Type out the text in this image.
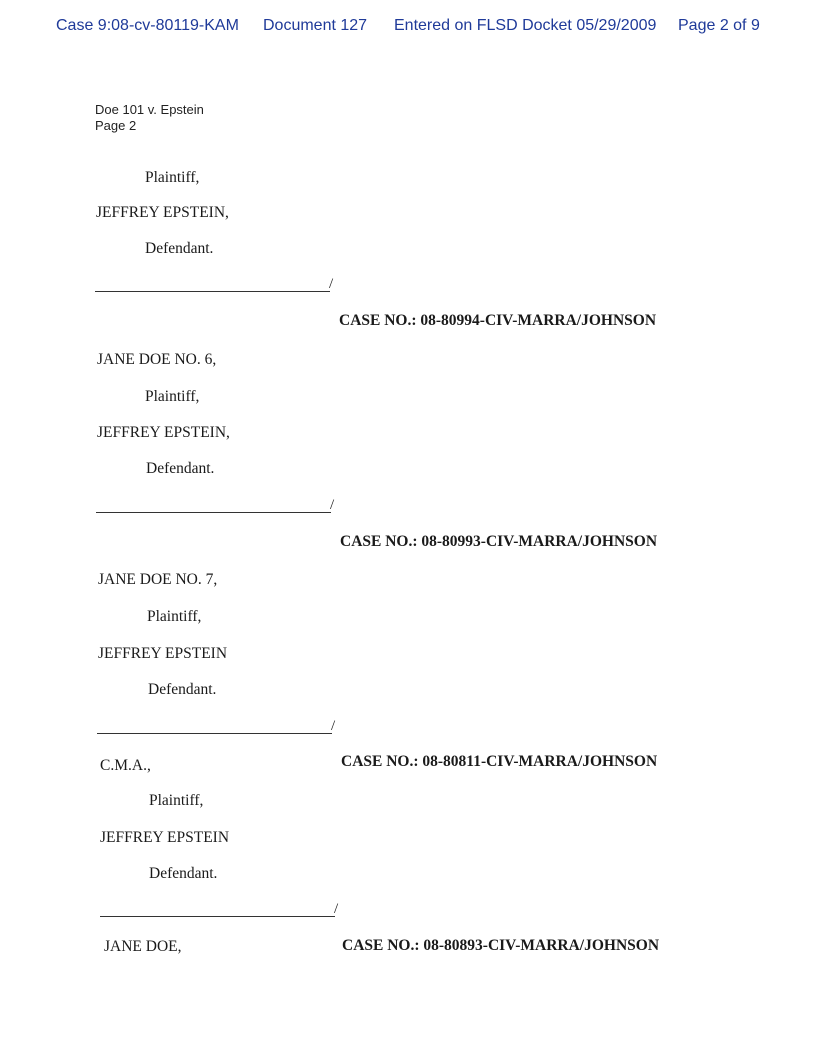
Case 9:08-cv-80119-KAM Document 127 Entered on FLSD Docket 05/29/2009 Page 2 of 9
Doe 101 v. Epstein
Page 2
Plaintiff,
JEFFREY EPSTEIN,
Defendant.
/
CASE NO.: 08-80994-CIV-MARRA/JOHNSON
JANE DOE NO. 6,
Plaintiff,
JEFFREY EPSTEIN,
Defendant.
/
CASE NO.: 08-80993-CIV-MARRA/JOHNSON
JANE DOE NO. 7,
Plaintiff,
JEFFREY EPSTEIN
Defendant.
/
C.M.A.,	CASE NO.: 08-80811-CIV-MARRA/JOHNSON
Plaintiff,
JEFFREY EPSTEIN
Defendant.
/
JANE DOE,	CASE NO.: 08-80893-CIV-MARRA/JOHNSON
